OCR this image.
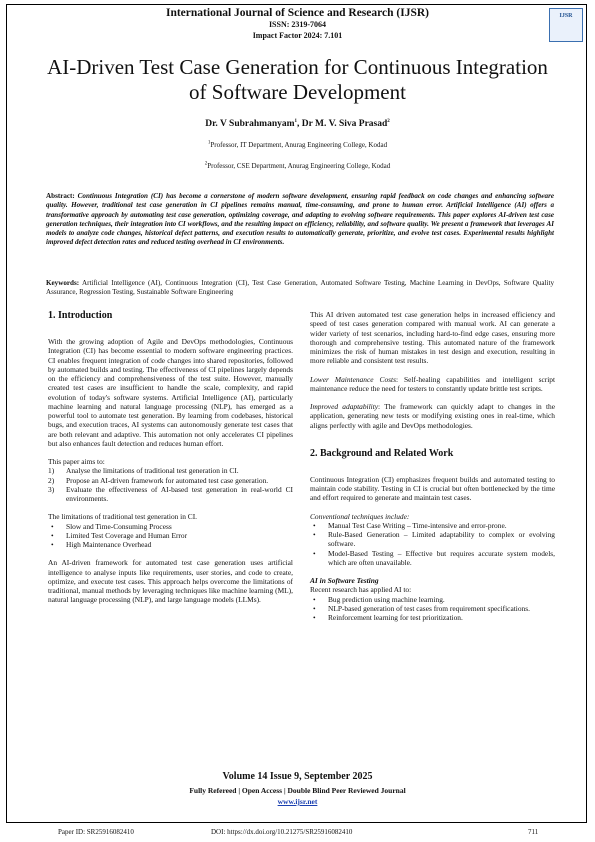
International Journal of Science and Research (IJSR)
ISSN: 2319-7064
Impact Factor 2024: 7.101
IJSR
AI-Driven Test Case Generation for Continuous Integration of Software Development
Dr. V Subrahmanyam$^1$, Dr M. V. Siva Prasad$^2$
$^1$Professor, IT Department, Anurag Engineering College, Kodad
$^2$Professor, CSE Department, Anurag Engineering College, Kodad
Abstract: Continuous Integration (CI) has become a cornerstone of modern software development, ensuring rapid feedback on code changes and enhancing software quality. However, traditional test case generation in CI pipelines remains manual, time-consuming, and prone to human error. Artificial Intelligence (AI) offers a transformative approach by automating test case generation, optimizing coverage, and adapting to evolving software requirements. This paper explores AI-driven test case generation techniques, their integration into CI workflows, and the resulting impact on efficiency, reliability, and software quality. We present a framework that leverages AI models to analyze code changes, historical defect patterns, and execution results to automatically generate, prioritize, and evolve test cases. Experimental results highlight improved defect detection rates and reduced testing overhead in CI environments.
Keywords: Artificial Intelligence (AI), Continuous Integration (CI), Test Case Generation, Automated Software Testing, Machine Learning in DevOps, Software Quality Assurance, Regression Testing, Sustainable Software Engineering
1. Introduction
With the growing adoption of Agile and DevOps methodologies, Continuous Integration (CI) has become essential to modern software engineering practices. CI enables frequent integration of code changes into shared repositories, followed by automated builds and testing. The effectiveness of CI pipelines largely depends on the efficiency and comprehensiveness of the test suite. However, manually created test cases are insufficient to handle the scale, complexity, and rapid evolution of today's software systems. Artificial Intelligence (AI), particularly machine learning and natural language processing (NLP), has emerged as a powerful tool to automate test generation. By learning from codebases, historical bugs, and execution traces, AI systems can autonomously generate test cases that are both relevant and adaptive. This automation not only accelerates CI pipelines but also enhances fault detection and reduces human effort.
This paper aims to:
1) Analyse the limitations of traditional test generation in CI.
2) Propose an AI-driven framework for automated test case generation.
3) Evaluate the effectiveness of AI-based test generation in real-world CI environments.
The limitations of traditional test generation in CI.
• Slow and Time-Consuming Process
• Limited Test Coverage and Human Error
• High Maintenance Overhead
An AI-driven framework for automated test case generation uses artificial intelligence to analyse inputs like requirements, user stories, and code to create, optimize, and execute test cases. This approach helps overcome the limitations of traditional, manual methods by leveraging techniques like machine learning (ML), natural language processing (NLP), and large language models (LLMs).
This AI driven automated test case generation helps in increased efficiency and speed of test cases generation compared with manual work. AI can generate a wider variety of test scenarios, including hard-to-find edge cases, ensuring more thorough and comprehensive testing. This automated nature of the framework minimizes the risk of human mistakes in test design and execution, resulting in more reliable and consistent test results.
Lower Maintenance Costs: Self-healing capabilities and intelligent script maintenance reduce the need for testers to constantly update brittle test scripts.
Improved adaptability: The framework can quickly adapt to changes in the application, generating new tests or modifying existing ones in real-time, which aligns perfectly with agile and DevOps methodologies.
2. Background and Related Work
Continuous Integration (CI) emphasizes frequent builds and automated testing to maintain code stability. Testing in CI is crucial but often bottlenecked by the time and effort required to generate and maintain test cases.
Conventional techniques include:
• Manual Test Case Writing – Time-intensive and error-prone.
• Rule-Based Generation – Limited adaptability to complex or evolving software.
• Model-Based Testing – Effective but requires accurate system models, which are often unavailable.
AI in Software Testing
Recent research has applied AI to:
• Bug prediction using machine learning.
• NLP-based generation of test cases from requirement specifications.
• Reinforcement learning for test prioritization.
Volume 14 Issue 9, September 2025
Fully Refereed | Open Access | Double Blind Peer Reviewed Journal
www.ijsr.net
Paper ID: SR25916082410	DOI: https://dx.doi.org/10.21275/SR25916082410	711
